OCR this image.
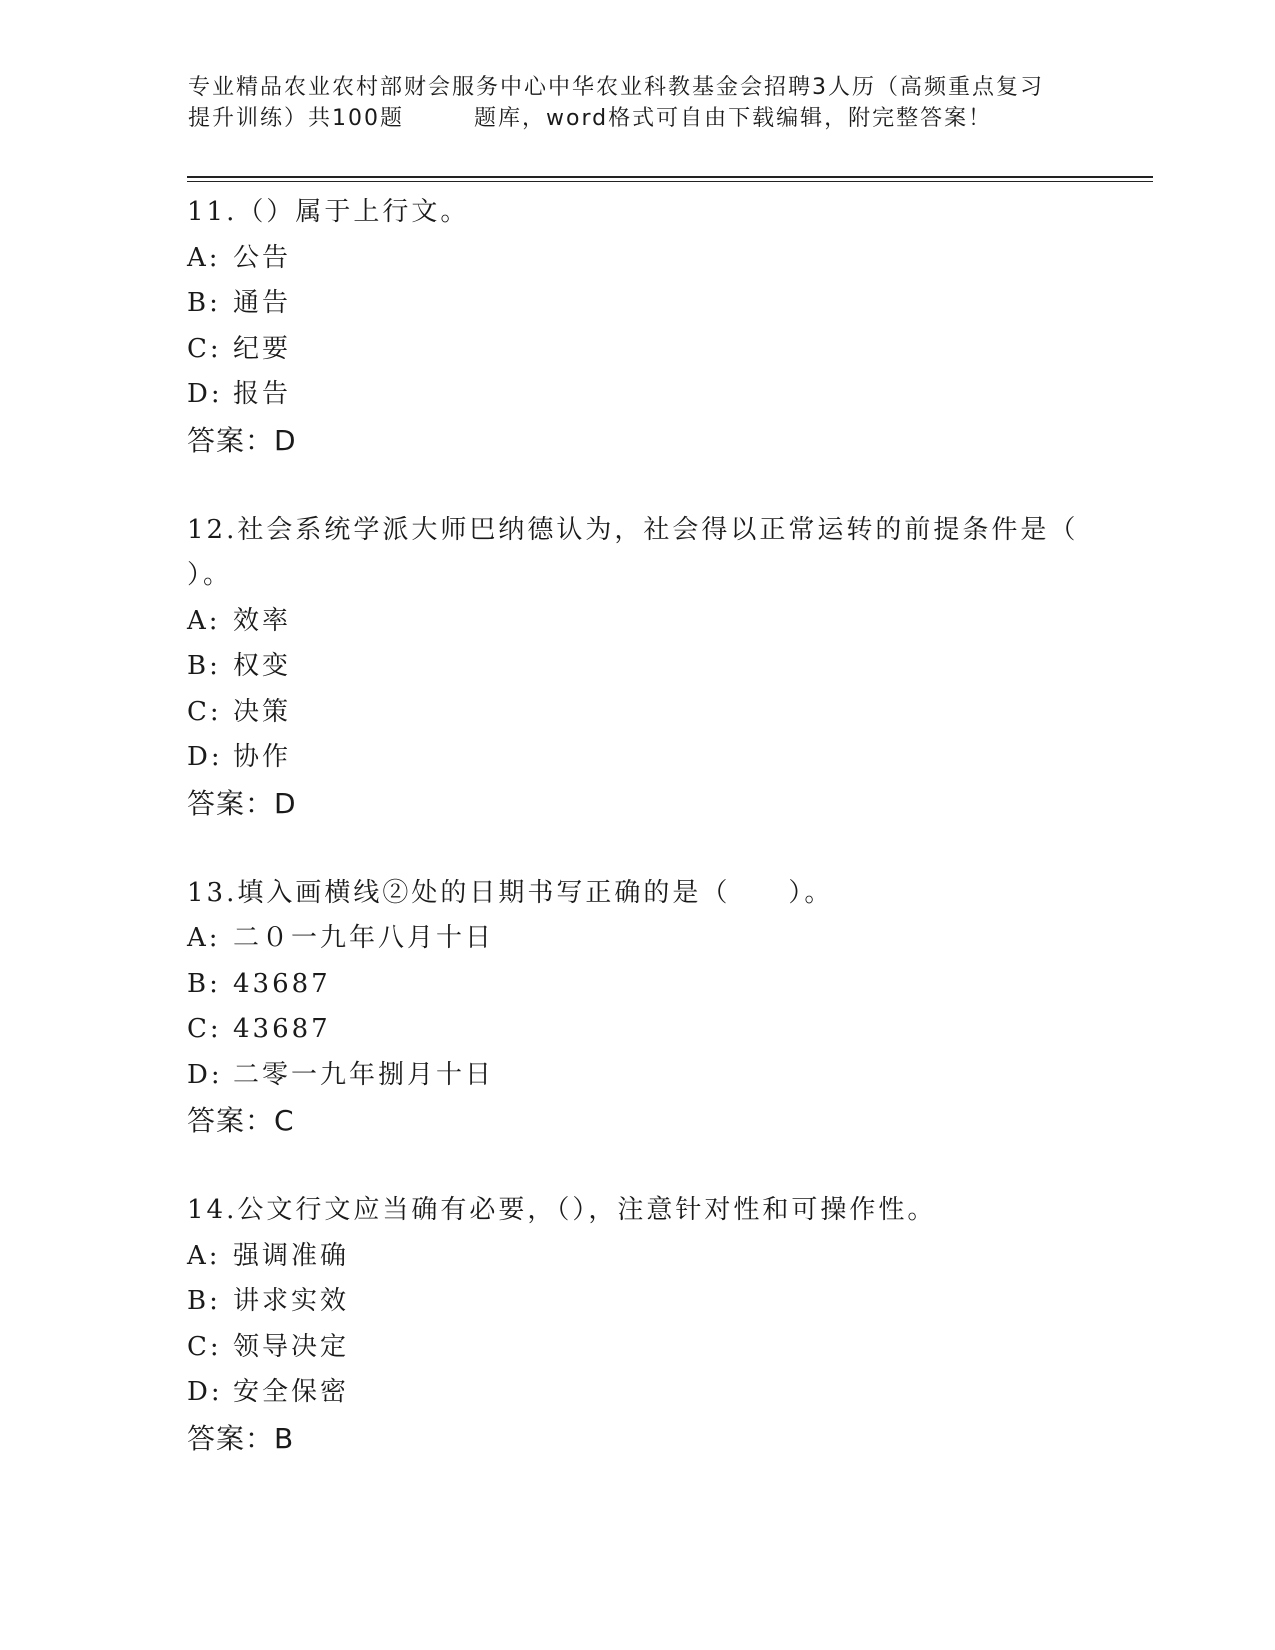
专业精品农业农村部财会服务中心中华农业科教基金会招聘3人历（高频重点复习
提升训练）共100题	题库，word格式可自由下载编辑，附完整答案！
11.（）属于上行文。
A: 公告
B: 通告
C: 纪要
D: 报告
答案：D
12.社会系统学派大师巴纳德认为，社会得以正常运转的前提条件是（
）。
A: 效率
B: 权变
C: 决策
D: 协作
答案：D
13.填入画横线②处的日期书写正确的是（　　）。
A: 二０一九年八月十日
B: 43687
C: 43687
D: 二零一九年捌月十日
答案：C
14.公文行文应当确有必要，（），注意针对性和可操作性。
A: 强调准确
B: 讲求实效
C: 领导决定
D: 安全保密
答案：B
